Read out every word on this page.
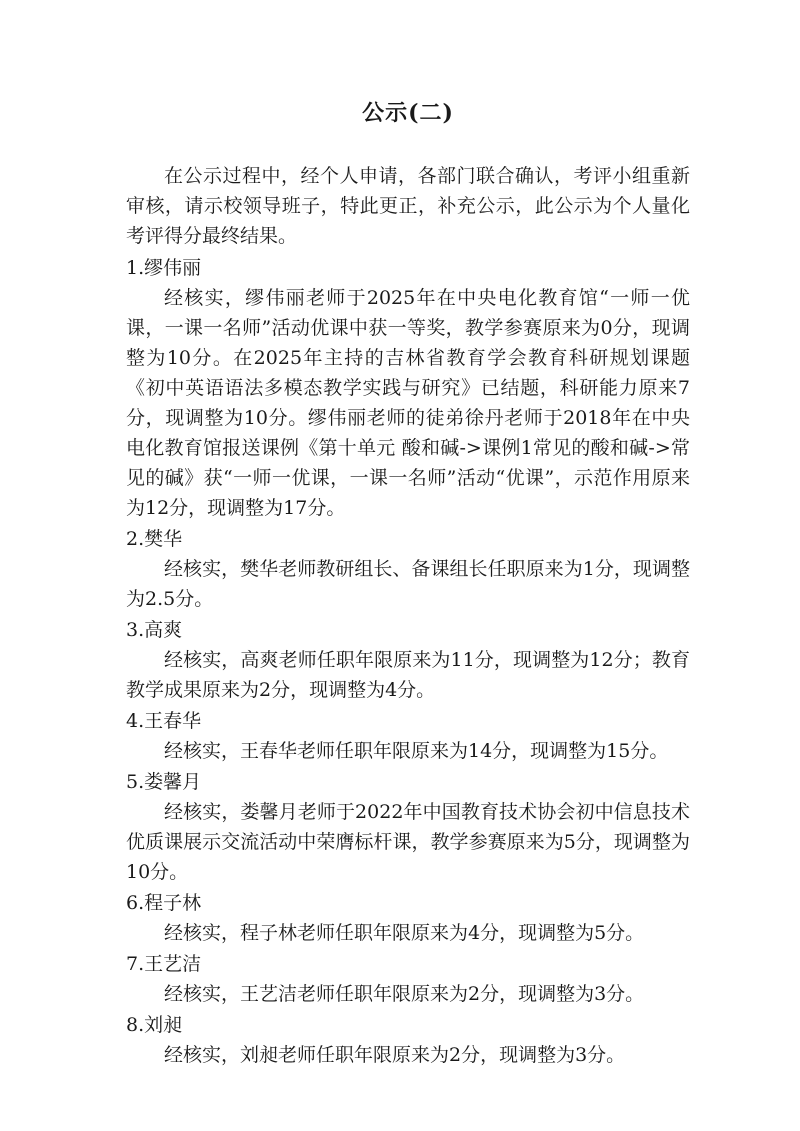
公示(二)

在公示过程中，经个人申请，各部门联合确认，考评小组重新审核，请示校领导班子，特此更正，补充公示，此公示为个人量化考评得分最终结果。

1.缪伟丽

经核实，缪伟丽老师于2025年在中央电化教育馆“一师一优课，一课一名师”活动优课中获一等奖，教学参赛原来为0分，现调整为10分。在2025年主持的吉林省教育学会教育科研规划课题《初中英语语法多模态教学实践与研究》已结题，科研能力原来7分，现调整为10分。缪伟丽老师的徒弟徐丹老师于2018年在中央电化教育馆报送课例《第十单元 酸和碱->课例1常见的酸和碱->常见的碱》获“一师一优课，一课一名师”活动“优课”，示范作用原来为12分，现调整为17分。

2.樊华

经核实，樊华老师教研组长、备课组长任职原来为1分，现调整为2.5分。

3.高爽

经核实，高爽老师任职年限原来为11分，现调整为12分；教育教学成果原来为2分，现调整为4分。

4.王春华

经核实，王春华老师任职年限原来为14分，现调整为15分。

5.娄馨月

经核实，娄馨月老师于2022年中国教育技术协会初中信息技术优质课展示交流活动中荣膺标杆课，教学参赛原来为5分，现调整为10分。

6.程子林

经核实，程子林老师任职年限原来为4分，现调整为5分。

7.王艺洁

经核实，王艺洁老师任职年限原来为2分，现调整为3分。

8.刘昶

经核实，刘昶老师任职年限原来为2分，现调整为3分。
